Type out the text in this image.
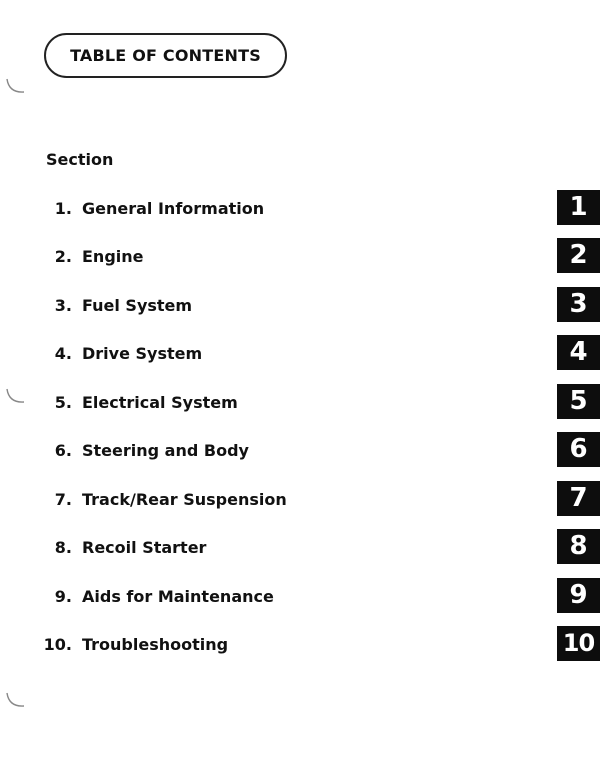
TABLE OF CONTENTS
Section
1. General Information	1
2. Engine	2
3. Fuel System	3
4. Drive System	4
5. Electrical System	5
6. Steering and Body	6
7. Track/Rear Suspension	7
8. Recoil Starter	8
9. Aids for Maintenance	9
10. Troubleshooting	10
